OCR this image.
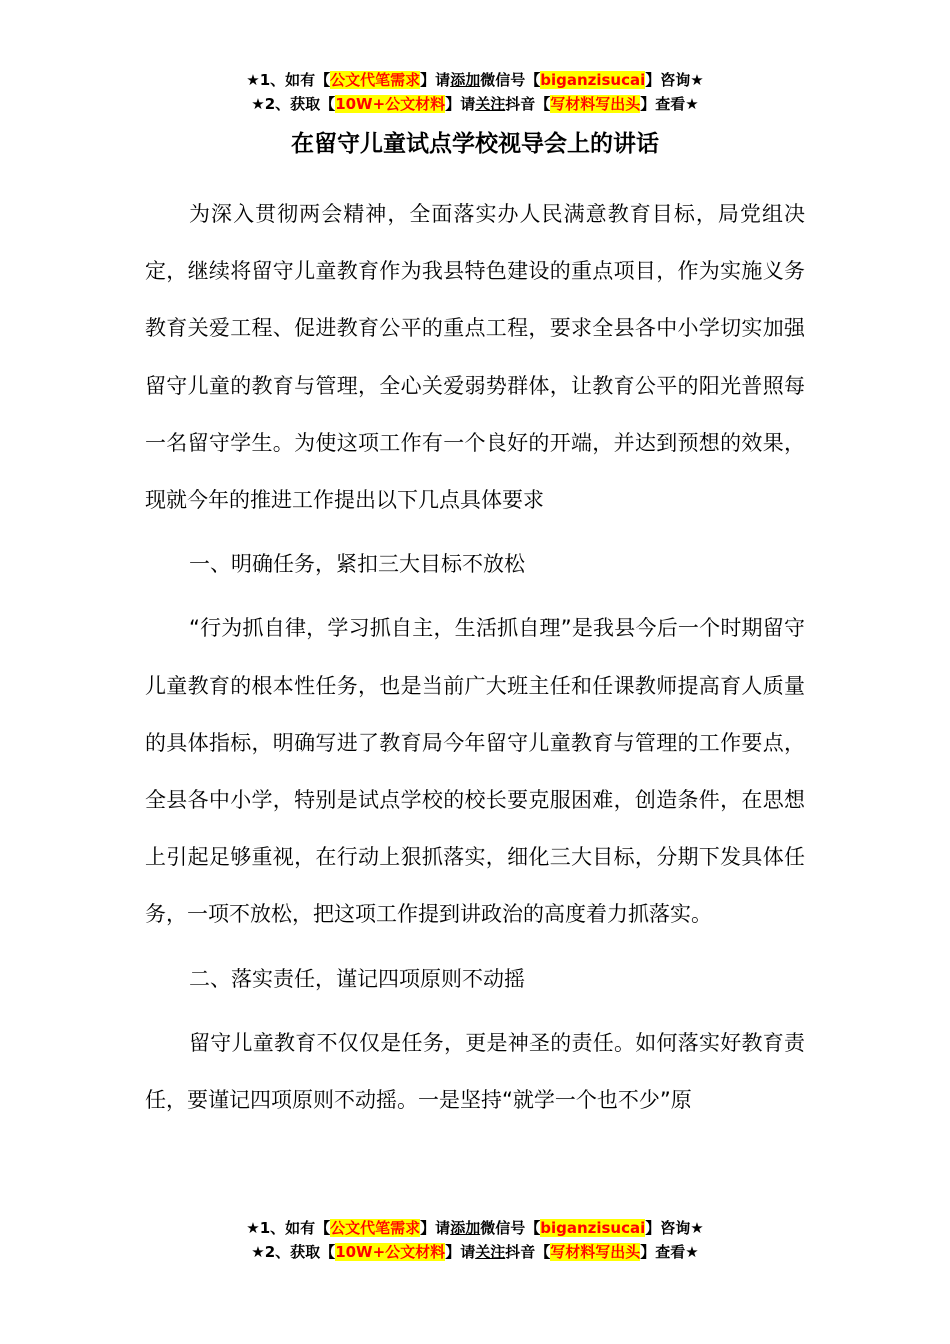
★1、如有【公文代笔需求】请添加微信号【biganzisucai】咨询★
★2、获取【10W+公文材料】请关注抖音【写材料写出头】查看★
在留守儿童试点学校视导会上的讲话

为深入贯彻两会精神，全面落实办人民满意教育目标，局党组决定，继续将留守儿童教育作为我县特色建设的重点项目，作为实施义务教育关爱工程、促进教育公平的重点工程，要求全县各中小学切实加强留守儿童的教育与管理，全心关爱弱势群体，让教育公平的阳光普照每一名留守学生。为使这项工作有一个良好的开端，并达到预想的效果，现就今年的推进工作提出以下几点具体要求

一、明确任务，紧扣三大目标不放松

“行为抓自律，学习抓自主，生活抓自理”是我县今后一个时期留守儿童教育的根本性任务，也是当前广大班主任和任课教师提高育人质量的具体指标，明确写进了教育局今年留守儿童教育与管理的工作要点，全县各中小学，特别是试点学校的校长要克服困难，创造条件，在思想上引起足够重视，在行动上狠抓落实，细化三大目标，分期下发具体任务，一项不放松，把这项工作提到讲政治的高度着力抓落实。

二、落实责任，谨记四项原则不动摇

留守儿童教育不仅仅是任务，更是神圣的责任。如何落实好教育责任，要谨记四项原则不动摇。一是坚持“就学一个也不少”原

★1、如有【公文代笔需求】请添加微信号【biganzisucai】咨询★
★2、获取【10W+公文材料】请关注抖音【写材料写出头】查看★
